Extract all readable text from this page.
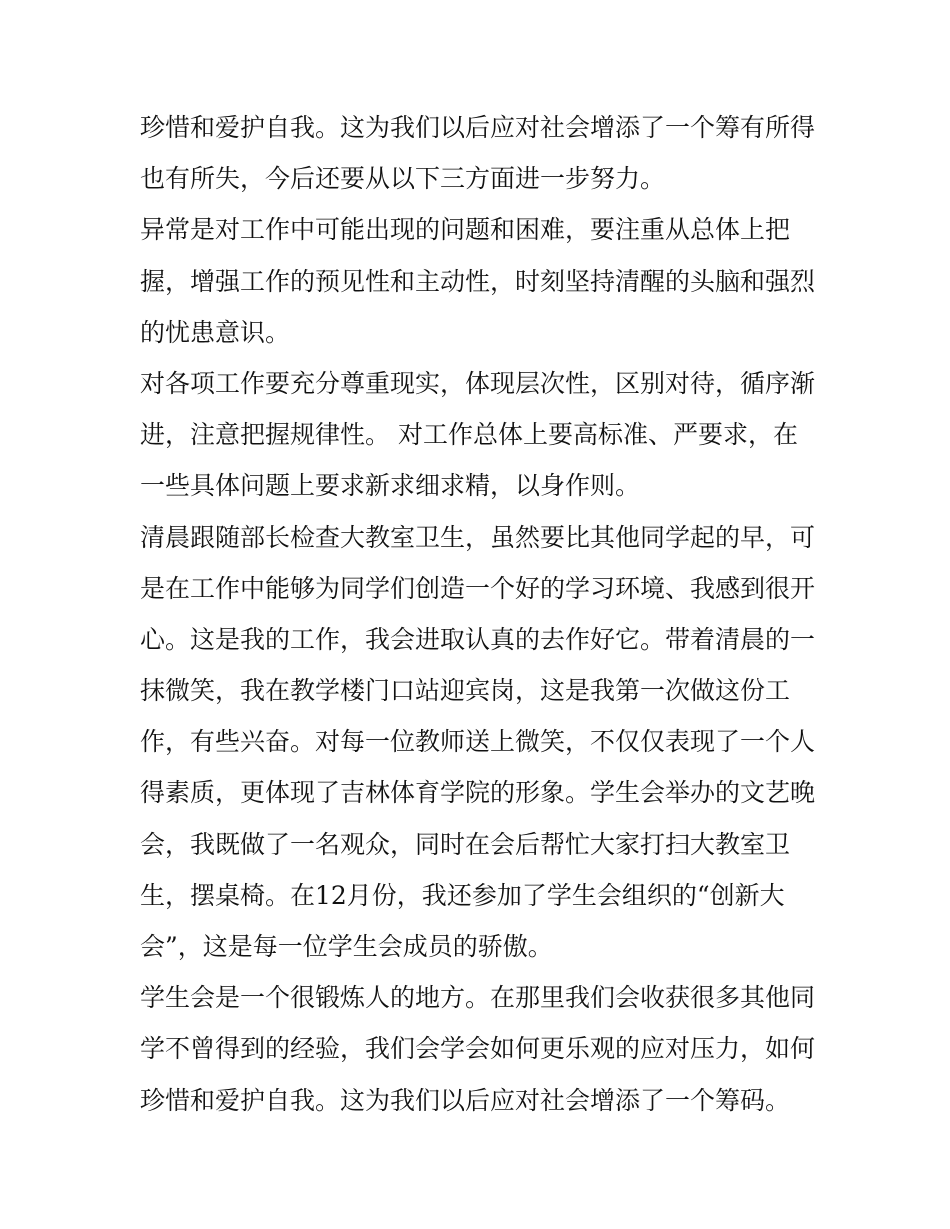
珍惜和爱护自我。这为我们以后应对社会增添了一个筹有所得
也有所失，今后还要从以下三方面进一步努力。
异常是对工作中可能出现的问题和困难，要注重从总体上把
握，增强工作的预见性和主动性，时刻坚持清醒的头脑和强烈
的忧患意识。
对各项工作要充分尊重现实，体现层次性，区别对待，循序渐
进，注意把握规律性。 对工作总体上要高标准、严要求，在
一些具体问题上要求新求细求精，以身作则。
清晨跟随部长检查大教室卫生，虽然要比其他同学起的早，可
是在工作中能够为同学们创造一个好的学习环境、我感到很开
心。这是我的工作，我会进取认真的去作好它。带着清晨的一
抹微笑，我在教学楼门口站迎宾岗，这是我第一次做这份工
作，有些兴奋。对每一位教师送上微笑，不仅仅表现了一个人
得素质，更体现了吉林体育学院的形象。学生会举办的文艺晚
会，我既做了一名观众，同时在会后帮忙大家打扫大教室卫
生，摆桌椅。在12月份，我还参加了学生会组织的“创新大
会”，这是每一位学生会成员的骄傲。
学生会是一个很锻炼人的地方。在那里我们会收获很多其他同
学不曾得到的经验，我们会学会如何更乐观的应对压力，如何
珍惜和爱护自我。这为我们以后应对社会增添了一个筹码。
